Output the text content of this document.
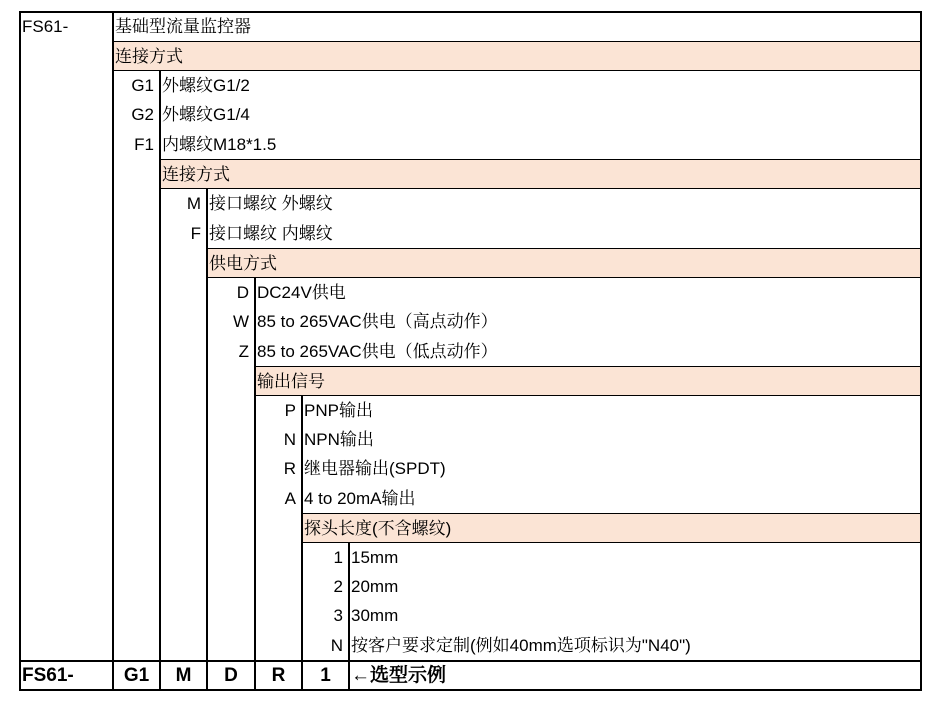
FS61-	基础型流量监控器
连接方式
G1 外螺纹G1/2
G2 外螺纹G1/4
F1 内螺纹M18*1.5
连接方式
M 接口螺纹 外螺纹
F 接口螺纹 内螺纹
供电方式
D DC24V供电
W 85 to 265VAC供电（高点动作）
Z 85 to 265VAC供电（低点动作）
输出信号
P PNP输出
N NPN输出
R 继电器输出(SPDT)
A 4 to 20mA输出
探头长度(不含螺纹)
1 15mm
2 20mm
3 30mm
N 按客户要求定制(例如40mm选项标识为"N40")
FS61-	G1	M	D	R	1	←选型示例
